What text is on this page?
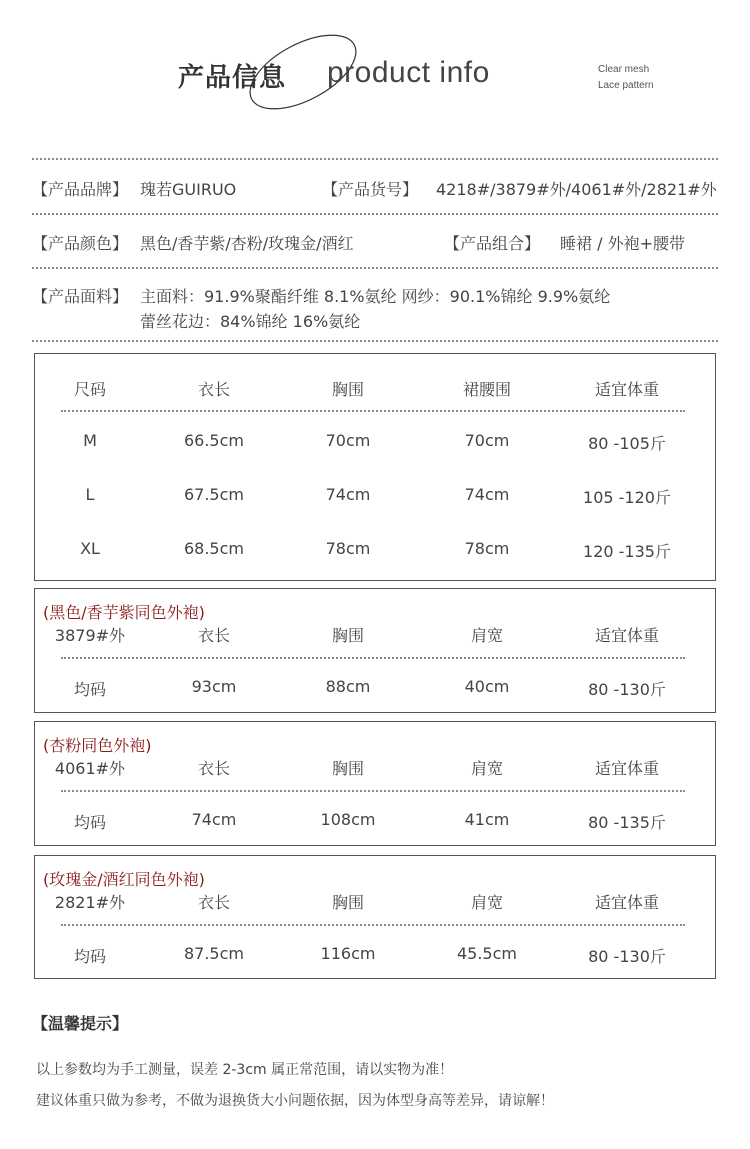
产品信息 product info	Clear mesh
Lace pattern
【产品品牌】 瑰若GUIRUO	【产品货号】 4218#/3879#外/4061#外/2821#外
【产品颜色】 黑色/香芋紫/杏粉/玫瑰金/酒红	【产品组合】 睡裙 / 外袍+腰带
【产品面料】 主面料：91.9%聚酯纤维 8.1%氨纶 网纱：90.1%锦纶 9.9%氨纶
蕾丝花边：84%锦纶 16%氨纶
尺码	衣长	胸围	裙腰围	适宜体重
M	66.5cm	70cm	70cm	80 -105斤
L	67.5cm	74cm	74cm	105 -120斤
XL	68.5cm	78cm	78cm	120 -135斤
(黑色/香芋紫同色外袍)
3879#外	衣长	胸围	肩宽	适宜体重
均码	93cm	88cm	40cm	80 -130斤
(杏粉同色外袍)
4061#外	衣长	胸围	肩宽	适宜体重
均码	74cm	108cm	41cm	80 -135斤
(玫瑰金/酒红同色外袍)
2821#外	衣长	胸围	肩宽	适宜体重
均码	87.5cm	116cm	45.5cm	80 -130斤
【温馨提示】
以上参数均为手工测量，误差 2-3cm 属正常范围，请以实物为准！
建议体重只做为参考，不做为退换货大小问题依据，因为体型身高等差异，请谅解！
